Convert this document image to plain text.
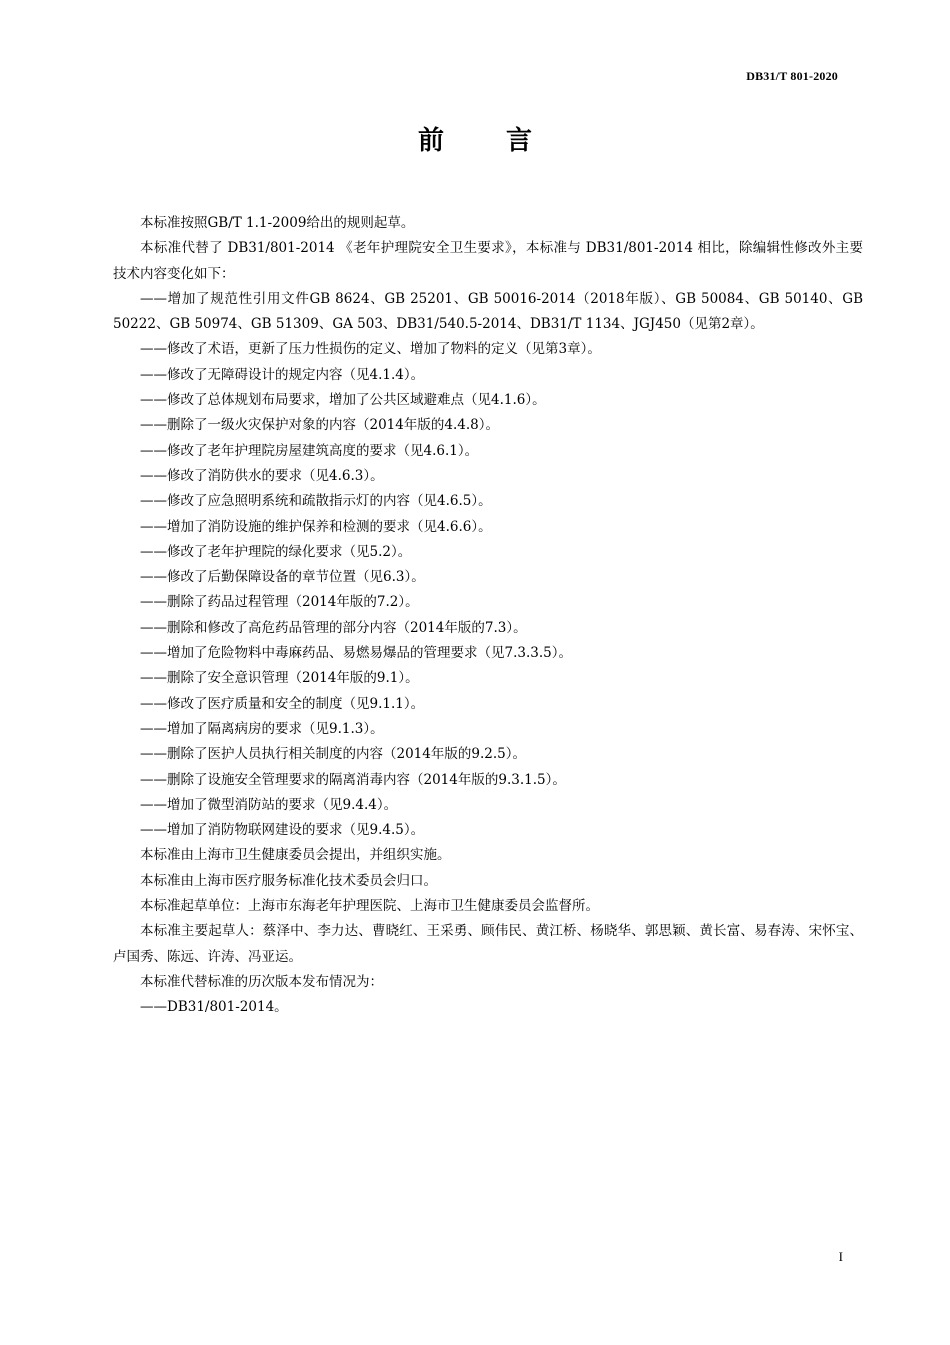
DB31/T 801-2020
前言

本标准按照GB/T 1.1-2009给出的规则起草。

本标准代替了 DB31/801-2014 《老年护理院安全卫生要求》，本标准与 DB31/801-2014 相比，除编辑性修改外主要技术内容变化如下：

——增加了规范性引用文件GB 8624、GB 25201、GB 50016-2014（2018年版）、GB 50084、GB 50140、GB 50222、GB 50974、GB 51309、GA 503、DB31/540.5-2014、DB31/T 1134、JGJ450（见第2章）。

——修改了术语，更新了压力性损伤的定义、增加了物料的定义（见第3章）。

——修改了无障碍设计的规定内容（见4.1.4）。

——修改了总体规划布局要求，增加了公共区域避难点（见4.1.6）。

——删除了一级火灾保护对象的内容（2014年版的4.4.8）。

——修改了老年护理院房屋建筑高度的要求（见4.6.1）。

——修改了消防供水的要求（见4.6.3）。

——修改了应急照明系统和疏散指示灯的内容（见4.6.5）。

——增加了消防设施的维护保养和检测的要求（见4.6.6）。

——修改了老年护理院的绿化要求（见5.2）。

——修改了后勤保障设备的章节位置（见6.3）。

——删除了药品过程管理（2014年版的7.2）。

——删除和修改了高危药品管理的部分内容（2014年版的7.3）。

——增加了危险物料中毒麻药品、易燃易爆品的管理要求（见7.3.3.5）。

——删除了安全意识管理（2014年版的9.1）。

——修改了医疗质量和安全的制度（见9.1.1）。

——增加了隔离病房的要求（见9.1.3）。

——删除了医护人员执行相关制度的内容（2014年版的9.2.5）。

——删除了设施安全管理要求的隔离消毒内容（2014年版的9.3.1.5）。

——增加了微型消防站的要求（见9.4.4）。

——增加了消防物联网建设的要求（见9.4.5）。

本标准由上海市卫生健康委员会提出，并组织实施。

本标准由上海市医疗服务标准化技术委员会归口。

本标准起草单位：上海市东海老年护理医院、上海市卫生健康委员会监督所。

本标准主要起草人：蔡泽中、李力达、曹晓红、王采勇、顾伟民、黄江桥、杨晓华、郭思颖、黄长富、易春涛、宋怀宝、卢国秀、陈远、许涛、冯亚运。

本标准代替标准的历次版本发布情况为：

——DB31/801-2014。

I
